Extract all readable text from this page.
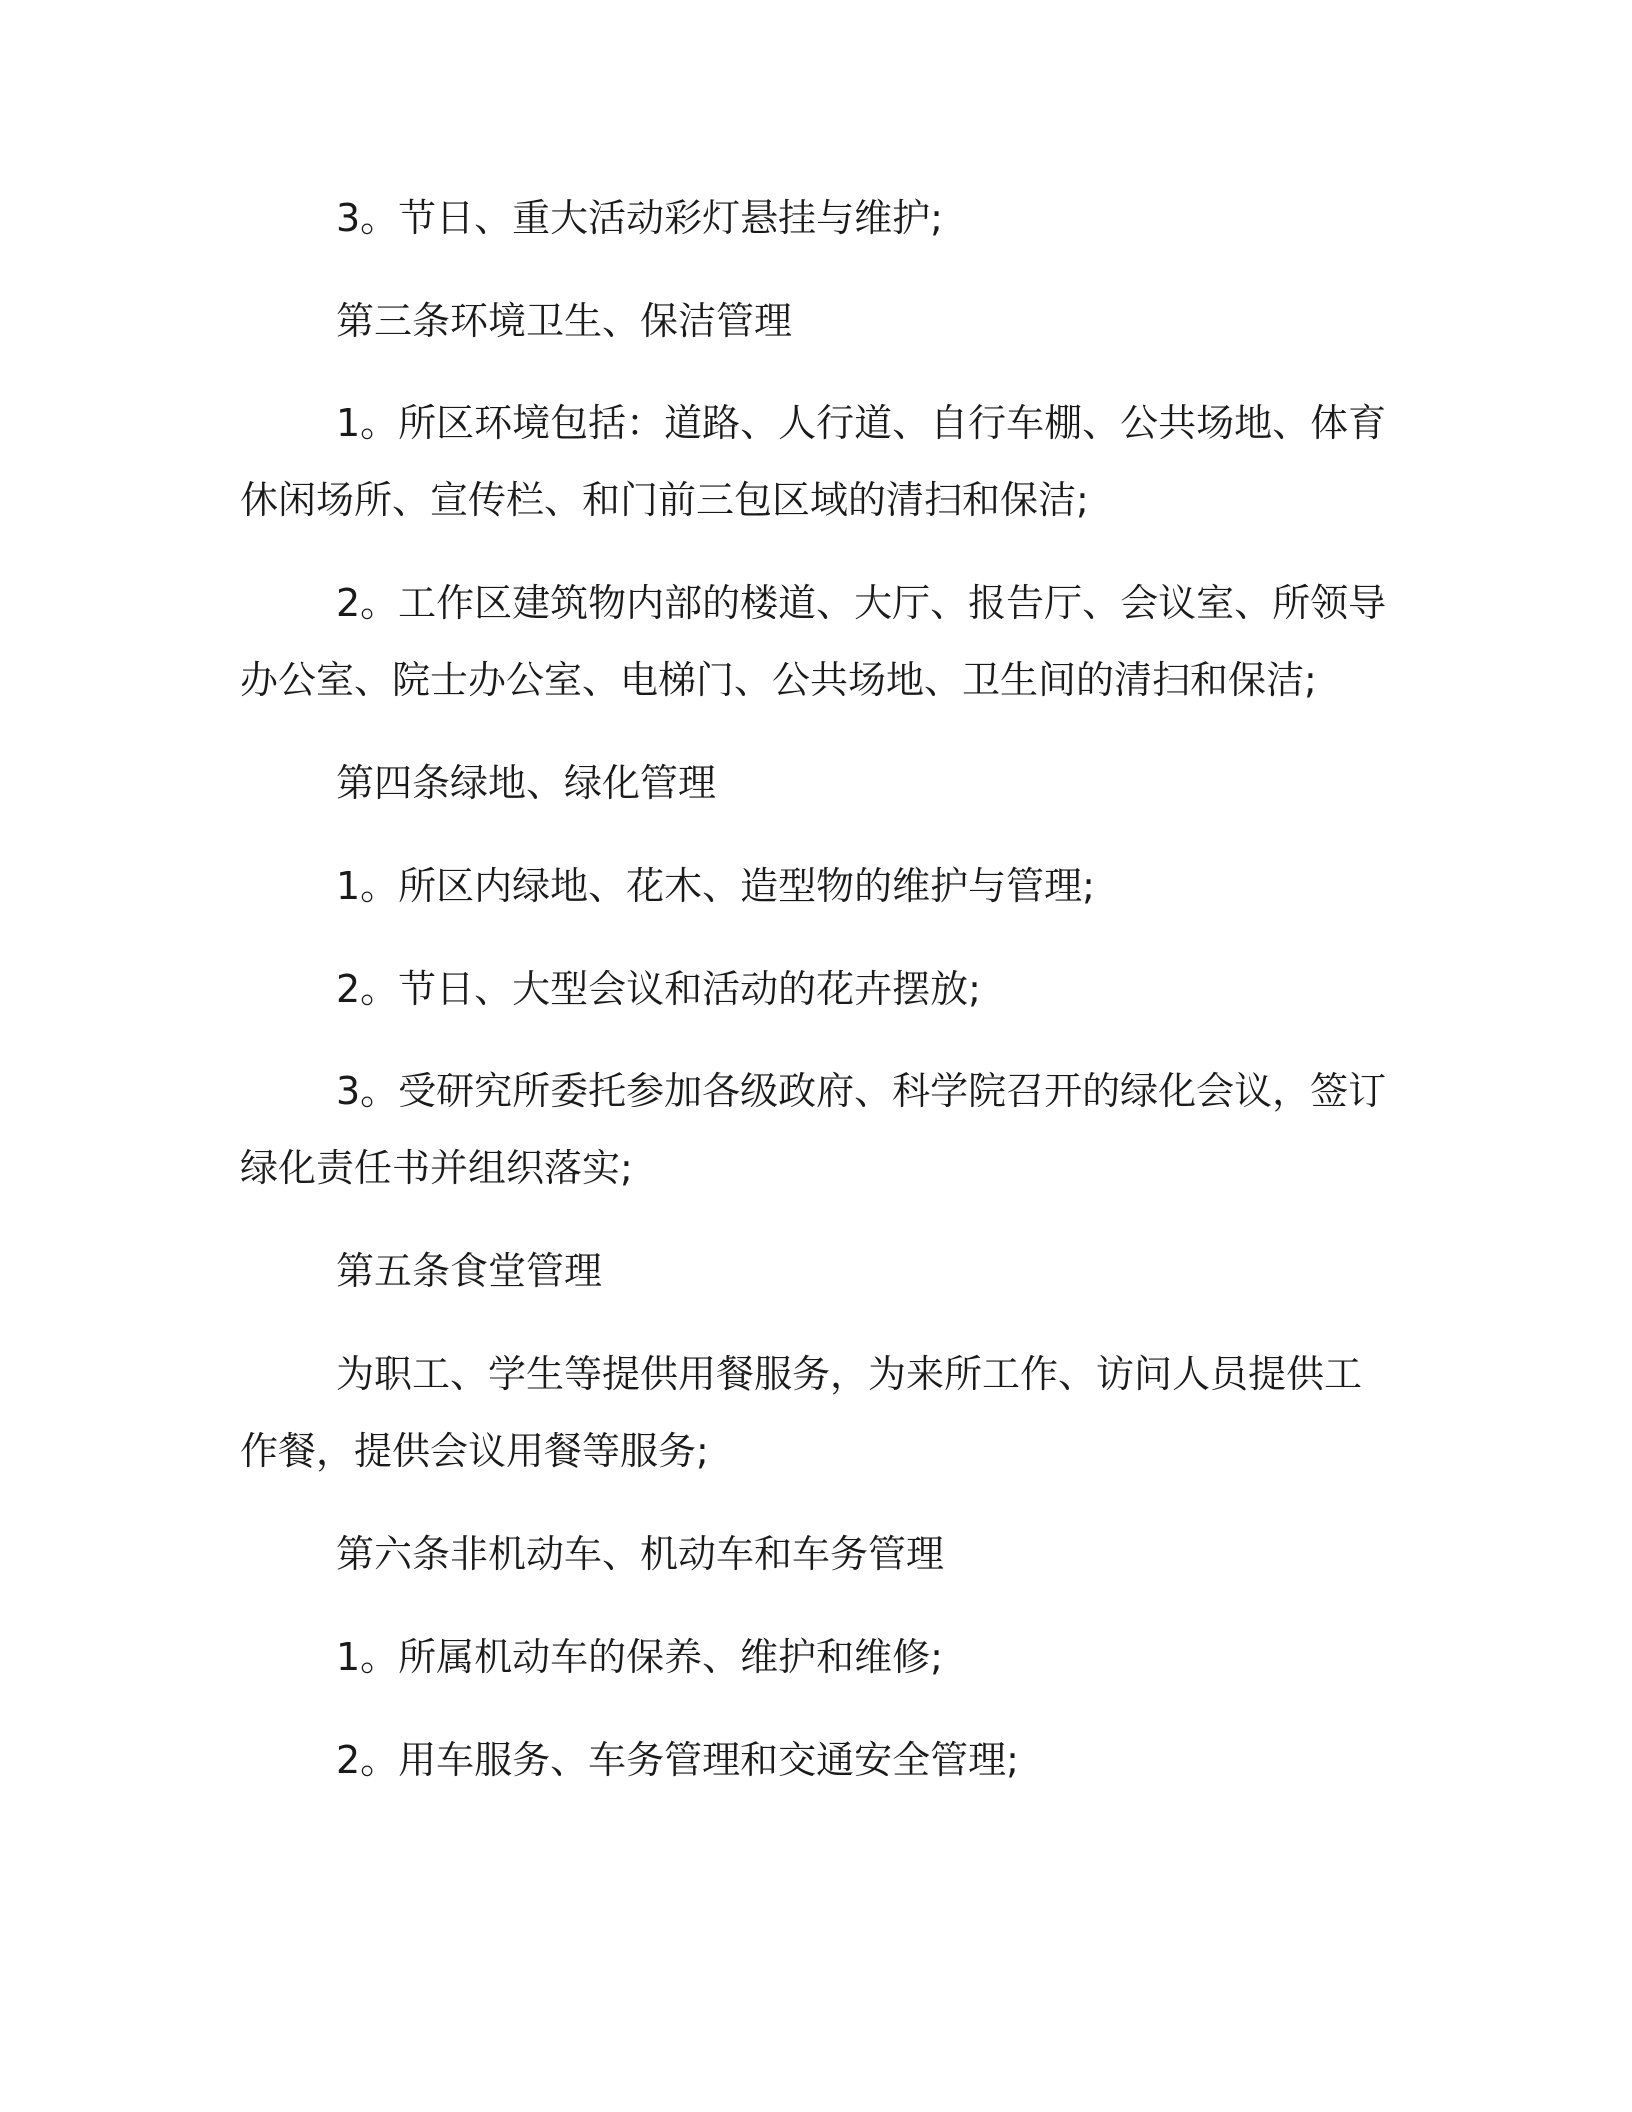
3。节日、重大活动彩灯悬挂与维护;

第三条环境卫生、保洁管理

1。所区环境包括：道路、人行道、自行车棚、公共场地、体育休闲场所、宣传栏、和门前三包区域的清扫和保洁;

2。工作区建筑物内部的楼道、大厅、报告厅、会议室、所领导办公室、院士办公室、电梯门、公共场地、卫生间的清扫和保洁;

第四条绿地、绿化管理

1。所区内绿地、花木、造型物的维护与管理;

2。节日、大型会议和活动的花卉摆放;

3。受研究所委托参加各级政府、科学院召开的绿化会议，签订绿化责任书并组织落实;

第五条食堂管理

为职工、学生等提供用餐服务，为来所工作、访问人员提供工作餐，提供会议用餐等服务;

第六条非机动车、机动车和车务管理

1。所属机动车的保养、维护和维修;

2。用车服务、车务管理和交通安全管理;
